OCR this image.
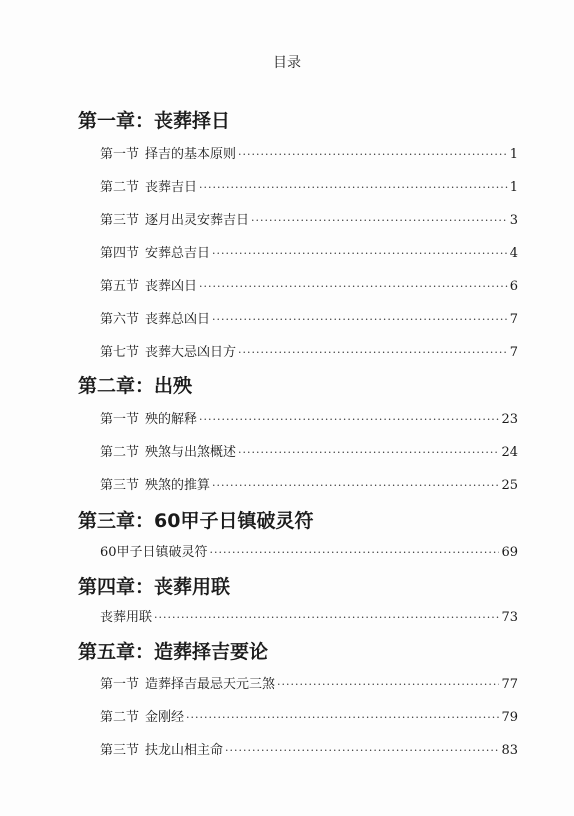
目录
第一章：丧葬择日
第一节 择吉的基本原则 ·····	1
第二节 丧葬吉日 ·····	1
第三节 逐月出灵安葬吉日 ·····	3
第四节 安葬总吉日 ·····	4
第五节 丧葬凶日 ·····	6
第六节 丧葬总凶日 ·····	7
第七节 丧葬大忌凶日方 ·····	7
第二章：出殃
第一节 殃的解释 ·····	23
第二节 殃煞与出煞概述 ·····	24
第三节 殃煞的推算 ·····	25
第三章：60甲子日镇破灵符
60甲子日镇破灵符 ·····	69
第四章：丧葬用联
丧葬用联 ·····	73
第五章：造葬择吉要论
第一节 造葬择吉最忌天元三煞 ·····	77
第二节 金刚经 ·····	79
第三节 扶龙山相主命 ·····	83
